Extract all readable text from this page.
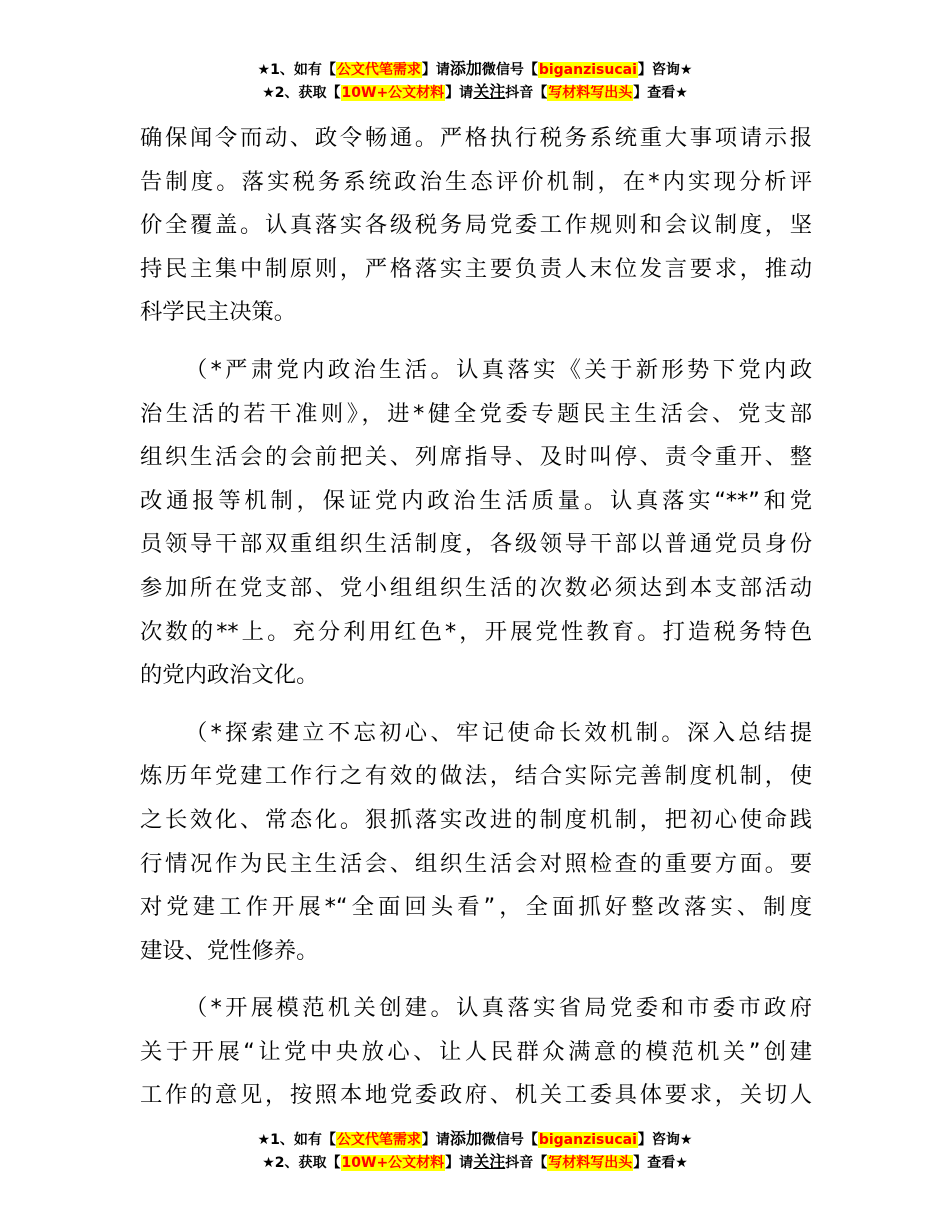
★1、如有【公文代笔需求】请添加微信号【biganzisucai】咨询★
★2、获取【10W+公文材料】请关注抖音【写材料写出头】查看★
确保闻令而动、政令畅通。严格执行税务系统重大事项请示报
告制度。落实税务系统政治生态评价机制，在*内实现分析评
价全覆盖。认真落实各级税务局党委工作规则和会议制度，坚
持民主集中制原则，严格落实主要负责人末位发言要求，推动
科学民主决策。
（*严肃党内政治生活。认真落实《关于新形势下党内政
治生活的若干准则》，进*健全党委专题民主生活会、党支部
组织生活会的会前把关、列席指导、及时叫停、责令重开、整
改通报等机制，保证党内政治生活质量。认真落实“**”和党
员领导干部双重组织生活制度，各级领导干部以普通党员身份
参加所在党支部、党小组组织生活的次数必须达到本支部活动
次数的**上。充分利用红色*，开展党性教育。打造税务特色
的党内政治文化。
（*探索建立不忘初心、牢记使命长效机制。深入总结提
炼历年党建工作行之有效的做法，结合实际完善制度机制，使
之长效化、常态化。狠抓落实改进的制度机制，把初心使命践
行情况作为民主生活会、组织生活会对照检查的重要方面。要
对党建工作开展*“全面回头看”，全面抓好整改落实、制度
建设、党性修养。
（*开展模范机关创建。认真落实省局党委和市委市政府
关于开展“让党中央放心、让人民群众满意的模范机关”创建
工作的意见，按照本地党委政府、机关工委具体要求，关切人
★1、如有【公文代笔需求】请添加微信号【biganzisucai】咨询★
★2、获取【10W+公文材料】请关注抖音【写材料写出头】查看★
